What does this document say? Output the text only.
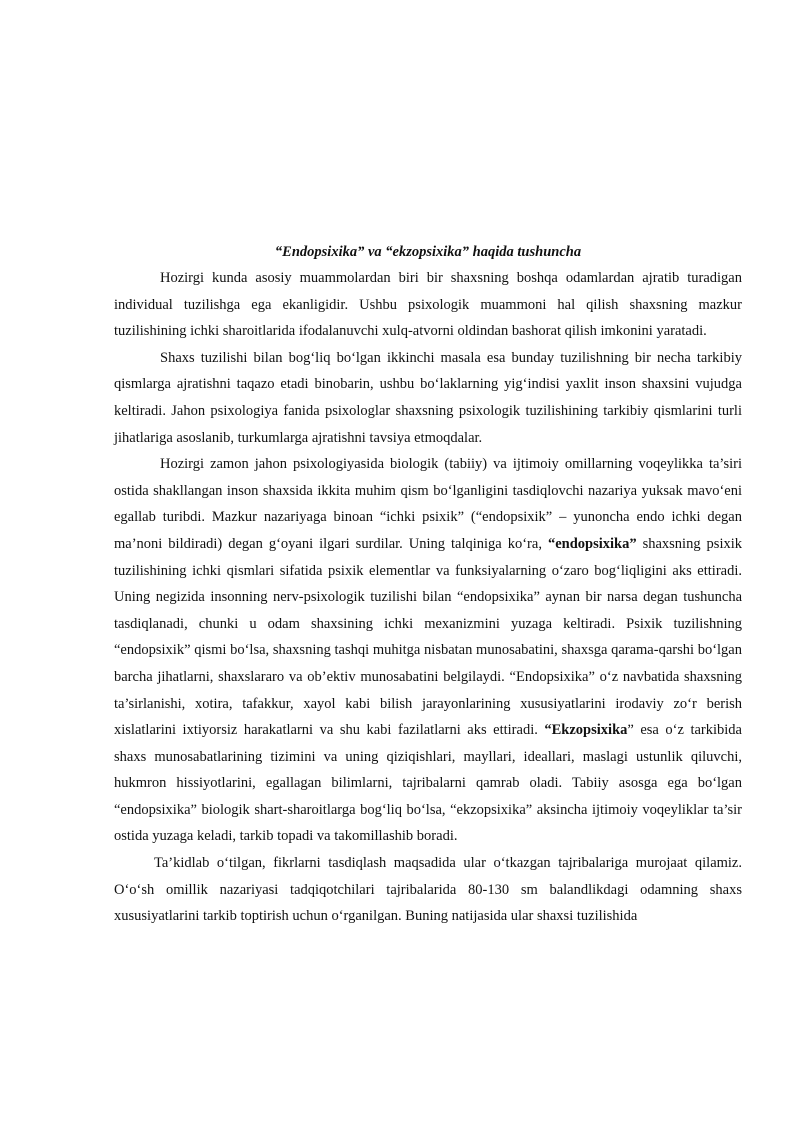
“Endopsixika” va “ekzopsixika” haqida tushuncha

Hozirgi kunda asosiy muammolardan biri bir shaxsning boshqa odamlardan ajratib turadigan individual tuzilishga ega ekanligidir. Ushbu psixologik muammoni hal qilish shaxsning mazkur tuzilishining ichki sharoitlarida ifodalanuvchi xulq-atvorni oldindan bashorat qilish imkonini yaratadi.

Shaxs tuzilishi bilan bog‘liq bo‘lgan ikkinchi masala esa bunday tuzilishning bir necha tarkibiy qismlarga ajratishni taqazo etadi binobarin, ushbu bo‘laklarning yig‘indisi yaxlit inson shaxsini vujudga keltiradi. Jahon psixologiya fanida psixologlar shaxsning psixologik tuzilishining tarkibiy qismlarini turli jihatlariga asoslanib, turkumlarga ajratishni tavsiya etmoqdalar.

Hozirgi zamon jahon psixologiyasida biologik (tabiiy) va ijtimoiy omillarning voqeylikka ta’siri ostida shakllangan inson shaxsida ikkita muhim qism bo‘lganligini tasdiqlovchi nazariya yuksak mavo‘eni egallab turibdi. Mazkur nazariyaga binoan “ichki psixik” (“endopsixik” – yunoncha endo ichki degan ma’noni bildiradi) degan g‘oyani ilgari surdilar. Uning talqiniga ko‘ra, “endopsixika” shaxsning psixik tuzilishining ichki qismlari sifatida psixik elementlar va funksiyalarning o‘zaro bog‘liqligini aks ettiradi. Uning negizida insonning nerv-psixologik tuzilishi bilan “endopsixika” aynan bir narsa degan tushuncha tasdiqlanadi, chunki u odam shaxsining ichki mexanizmini yuzaga keltiradi. Psixik tuzilishning “endopsixik” qismi bo‘lsa, shaxsning tashqi muhitga nisbatan munosabatini, shaxsga qarama-qarshi bo‘lgan barcha jihatlarni, shaxslararo va ob’ektiv munosabatini belgilaydi. “Endopsixika” o‘z navbatida shaxsning ta’sirlanishi, xotira, tafakkur, xayol kabi bilish jarayonlarining xususiyatlarini irodaviy zo‘r berish xislatlarini ixtiyorsiz harakatlarni va shu kabi fazilatlarni aks ettiradi. “Ekzopsixika” esa o‘z tarkibida shaxs munosabatlarining tizimini va uning qiziqishlari, mayllari, ideallari, maslagi ustunlik qiluvchi, hukmron hissiyotlarini, egallagan bilimlarni, tajribalarni qamrab oladi. Tabiiy asosga ega bo‘lgan “endopsixika” biologik shart-sharoitlarga bog‘liq bo‘lsa, “ekzopsixika” aksincha ijtimoiy voqeyliklar ta’sir ostida yuzaga keladi, tarkib topadi va takomillashib boradi.

Ta’kidlab o‘tilgan, fikrlarni tasdiqlash maqsadida ular o‘tkazgan tajribalariga murojaat qilamiz. O‘o‘sh omillik nazariyasi tadqiqotchilari tajribalarida 80-130 sm balandlikdagi odamning shaxs xususiyatlarini tarkib toptirish uchun o‘rganilgan. Buning natijasida ular shaxsi tuzilishida
